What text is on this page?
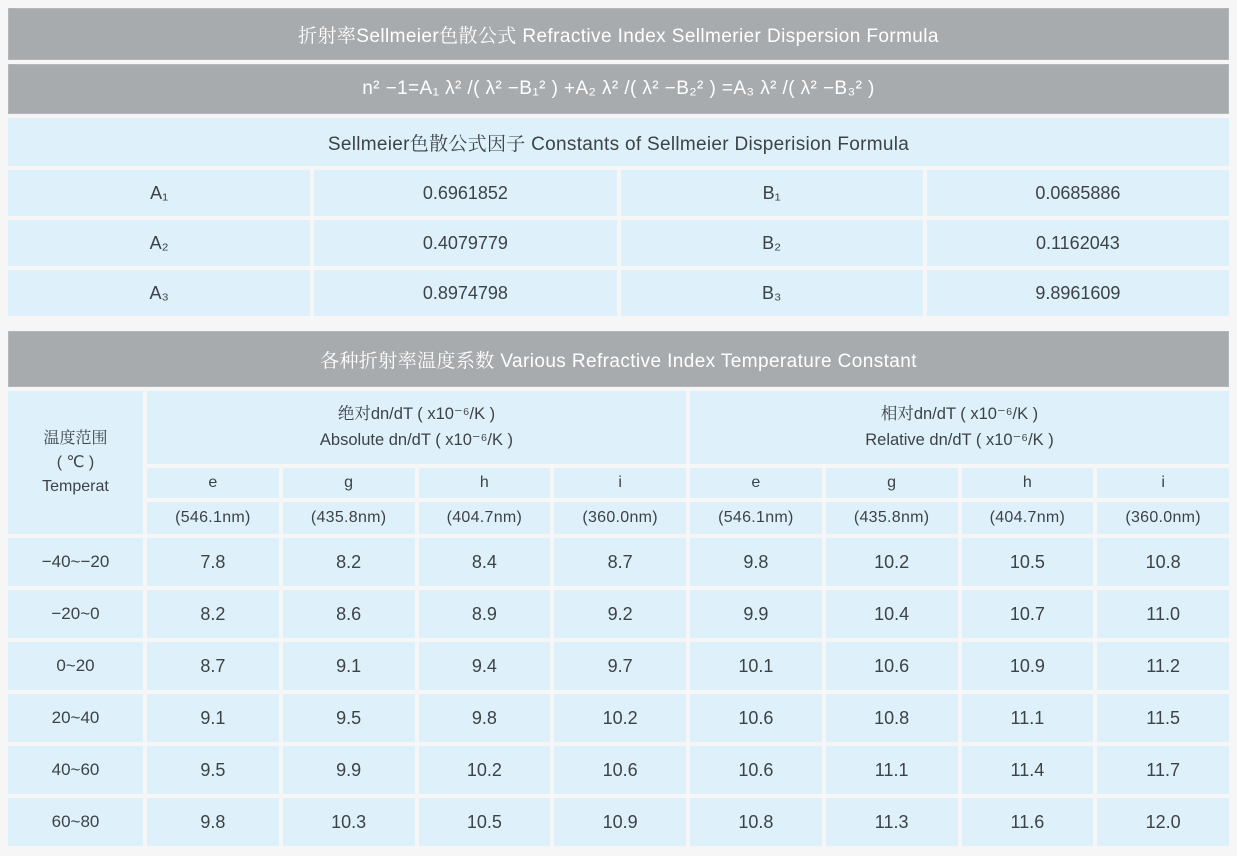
折射率Sellmeier色散公式 Refractive Index Sellmerier Dispersion Formula
n² −1=A₁ λ² /( λ² −B₁² ) +A₂ λ² /( λ² −B₂² ) =A₃ λ² /( λ² −B₃² )
Sellmeier色散公式因子 Constants of Sellmeier Disperision Formula
A₁	0.6961852	B₁	0.0685886
A₂	0.4079779	B₂	0.1162043
A₃	0.8974798	B₃	9.8961609
各种折射率温度系数 Various Refractive Index Temperature Constant
温度范围
( ℃ )
Temperat
绝对dn/dT ( x10⁻⁶/K )
Absolute dn/dT ( x10⁻⁶/K )
相对dn/dT ( x10⁻⁶/K )
Relative dn/dT ( x10⁻⁶/K )
e	g	h	i	e	g	h	i
(546.1nm)	(435.8nm)	(404.7nm)	(360.0nm)	(546.1nm)	(435.8nm)	(404.7nm)	(360.0nm)
−40~−20	7.8	8.2	8.4	8.7	9.8	10.2	10.5	10.8
−20~0	8.2	8.6	8.9	9.2	9.9	10.4	10.7	11.0
0~20	8.7	9.1	9.4	9.7	10.1	10.6	10.9	11.2
20~40	9.1	9.5	9.8	10.2	10.6	10.8	11.1	11.5
40~60	9.5	9.9	10.2	10.6	10.6	11.1	11.4	11.7
60~80	9.8	10.3	10.5	10.9	10.8	11.3	11.6	12.0
